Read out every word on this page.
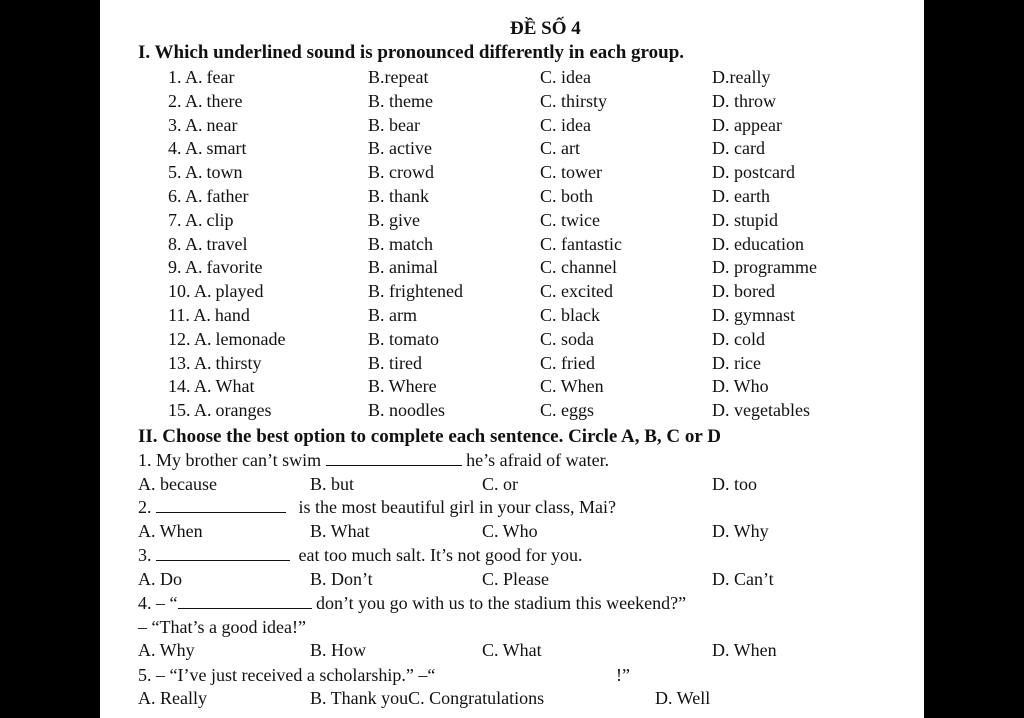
ĐỀ SỐ 4
I. Which underlined sound is pronounced differently in each group.
1. A. fear	B.repeat	C. idea	D.really
2. A. there	B. theme	C. thirsty	D. throw
3. A. near	B. bear	C. idea	D. appear
4. A. smart	B. active	C. art	D. card
5. A. town	B. crowd	C. tower	D. postcard
6. A. father	B. thank	C. both	D. earth
7. A. clip	B. give	C. twice	D. stupid
8. A. travel	B. match	C. fantastic	D. education
9. A. favorite	B. animal	C. channel	D. programme
10. A. played	B. frightened	C. excited	D. bored
11. A. hand	B. arm	C. black	D. gymnast
12. A. lemonade	B. tomato	C. soda	D. cold
13. A. thirsty	B. tired	C. fried	D. rice
14. A. What	B. Where	C. When	D. Who
15. A. oranges	B. noodles	C. eggs	D. vegetables
II. Choose the best option to complete each sentence. Circle A, B, C or D
1. My brother can’t swim	he’s afraid of water.
A. because	B. but	C. or	D. too
2.	is the most beautiful girl in your class, Mai?
A. When	B. What	C. Who	D. Why
3.	eat too much salt. It’s not good for you.
A. Do	B. Don’t	C. Please	D. Can’t
4. – “	don’t you go with us to the stadium this weekend?”
– “That’s a good idea!”
A. Why	B. How	C. What	D. When
5. – “I’ve just received a scholarship.” –“	!”
A. Really	B. Thank youC. Congratulations	D. Well
